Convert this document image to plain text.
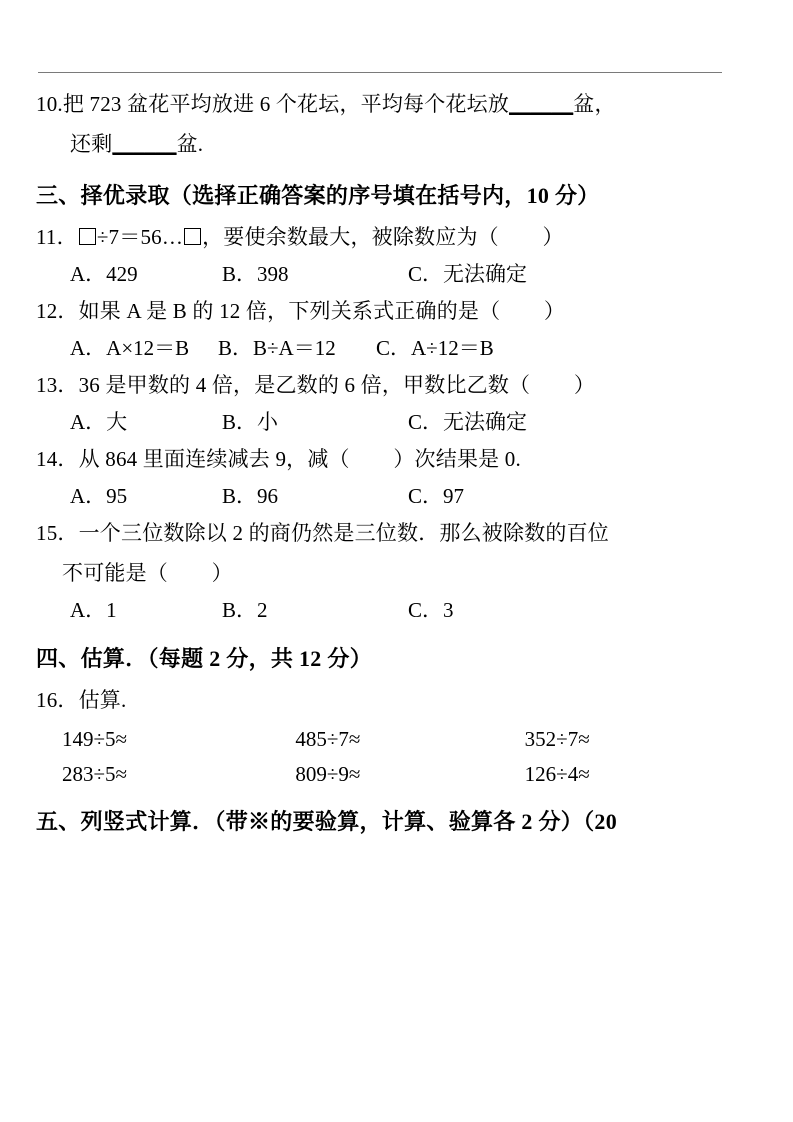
10.把 723 盆花平均放进 6 个花坛，平均每个花坛放______盆，
还剩______盆.
三、择优录取（选择正确答案的序号填在括号内，10 分）
11． ÷7＝56… ，要使余数最大，被除数应为（        ）
A．429	B．398	C．无法确定
12．如果 A 是 B 的 12 倍，下列关系式正确的是（        ）
A．A×12＝B	B．B÷A＝12	C．A÷12＝B
13．36 是甲数的 4 倍，是乙数的 6 倍，甲数比乙数（        ）
A．大	B．小	C．无法确定
14．从 864 里面连续减去 9，减（        ）次结果是 0.
A．95	B．96	C．97
15．一个三位数除以 2 的商仍然是三位数．那么被除数的百位
不可能是（        ）
A．1	B．2	C．3
四、估算．（每题 2 分，共 12 分）
16．估算.
149÷5≈	485÷7≈	352÷7≈
283÷5≈	809÷9≈	126÷4≈
五、列竖式计算．（带※的要验算，计算、验算各 2 分）（20
